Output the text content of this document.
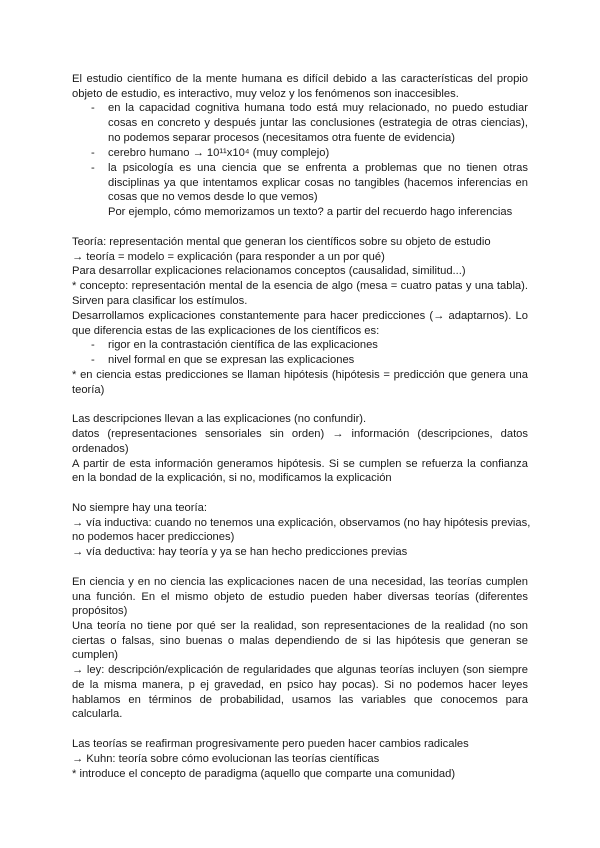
El estudio científico de la mente humana es difícil debido a las características del propio
objeto de estudio, es interactivo, muy veloz y los fenómenos son inaccesibles.
- en la capacidad cognitiva humana todo está muy relacionado, no puedo estudiar
cosas en concreto y después juntar las conclusiones (estrategia de otras ciencias),
no podemos separar procesos (necesitamos otra fuente de evidencia)
- cerebro humano → 10¹¹x10⁴ (muy complejo)
- la psicología es una ciencia que se enfrenta a problemas que no tienen otras
disciplinas ya que intentamos explicar cosas no tangibles (hacemos inferencias en
cosas que no vemos desde lo que vemos)
Por ejemplo, cómo memorizamos un texto? a partir del recuerdo hago inferencias
Teoría: representación mental que generan los científicos sobre su objeto de estudio
→ teoría = modelo = explicación (para responder a un por qué)
Para desarrollar explicaciones relacionamos conceptos (causalidad, similitud...)
* concepto: representación mental de la esencia de algo (mesa = cuatro patas y una tabla).
Sirven para clasificar los estímulos.
Desarrollamos explicaciones constantemente para hacer predicciones (→ adaptarnos). Lo
que diferencia estas de las explicaciones de los científicos es:
- rigor en la contrastación científica de las explicaciones
- nivel formal en que se expresan las explicaciones
* en ciencia estas predicciones se llaman hipótesis (hipótesis = predicción que genera una
teoría)
Las descripciones llevan a las explicaciones (no confundir).
datos (representaciones sensoriales sin orden) → información (descripciones, datos
ordenados)
A partir de esta información generamos hipótesis. Si se cumplen se refuerza la confianza
en la bondad de la explicación, si no, modificamos la explicación
No siempre hay una teoría:
→ vía inductiva: cuando no tenemos una explicación, observamos (no hay hipótesis previas,
no podemos hacer predicciones)
→ vía deductiva: hay teoría y ya se han hecho predicciones previas
En ciencia y en no ciencia las explicaciones nacen de una necesidad, las teorías cumplen
una función. En el mismo objeto de estudio pueden haber diversas teorías (diferentes
propósitos)
Una teoría no tiene por qué ser la realidad, son representaciones de la realidad (no son
ciertas o falsas, sino buenas o malas dependiendo de si las hipótesis que generan se
cumplen)
→ ley: descripción/explicación de regularidades que algunas teorías incluyen (son siempre
de la misma manera, p ej gravedad, en psico hay pocas). Si no podemos hacer leyes
hablamos en términos de probabilidad, usamos las variables que conocemos para
calcularla.
Las teorías se reafirman progresivamente pero pueden hacer cambios radicales
→ Kuhn: teoría sobre cómo evolucionan las teorías científicas
* introduce el concepto de paradigma (aquello que comparte una comunidad)
